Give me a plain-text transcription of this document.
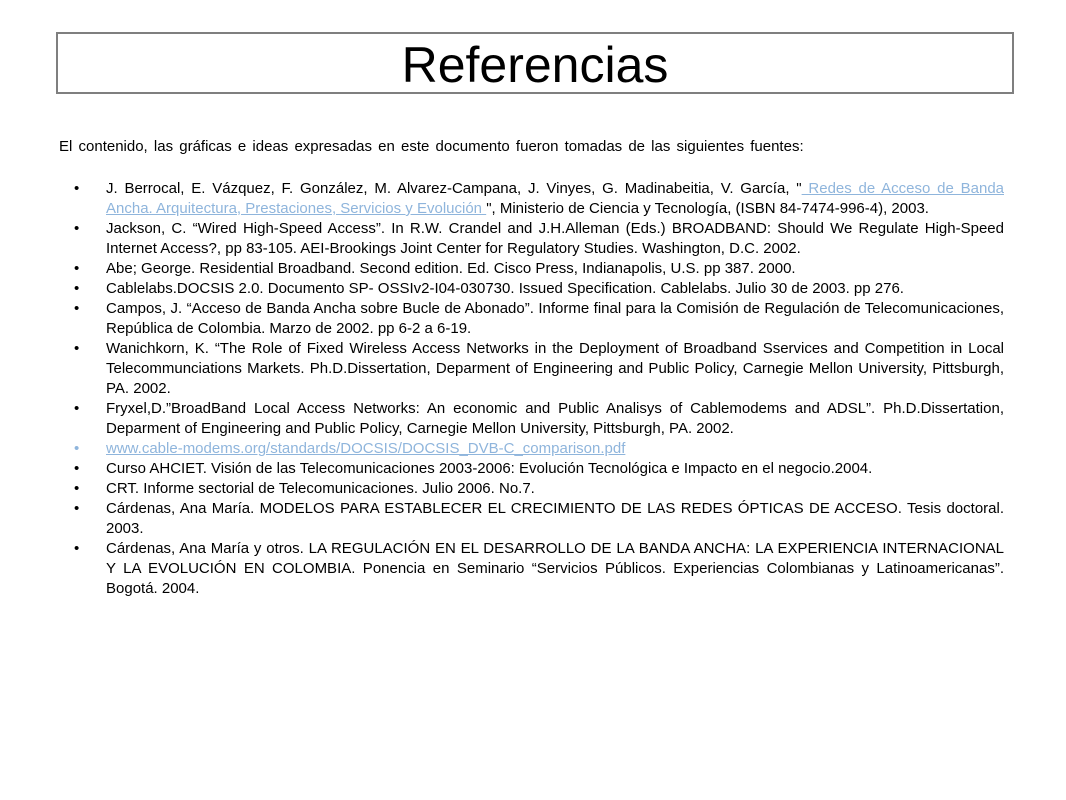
Referencias
El contenido, las gráficas e ideas expresadas en este documento fueron tomadas de las siguientes fuentes:
• J. Berrocal, E. Vázquez, F. González, M. Alvarez-Campana, J. Vinyes, G. Madinabeitia, V. García, " Redes de Acceso de Banda Ancha. Arquitectura, Prestaciones, Servicios y Evolución ", Ministerio de Ciencia y Tecnología, (ISBN 84-7474-996-4), 2003.
• Jackson, C. “Wired High-Speed Access”. In R.W. Crandel and J.H.Alleman (Eds.) BROADBAND: Should We Regulate High-Speed Internet Access?, pp 83-105. AEI-Brookings Joint Center for Regulatory Studies. Washington, D.C. 2002.
• Abe; George. Residential Broadband. Second edition. Ed. Cisco Press, Indianapolis, U.S. pp 387. 2000.
• Cablelabs.DOCSIS 2.0. Documento SP- OSSIv2-I04-030730. Issued Specification. Cablelabs. Julio 30 de 2003. pp 276.
• Campos, J. “Acceso de Banda Ancha sobre Bucle de Abonado”. Informe final para la Comisión de Regulación de Telecomunicaciones, República de Colombia. Marzo de 2002. pp 6-2 a 6-19.
• Wanichkorn, K. “The Role of Fixed Wireless Access Networks in the Deployment of Broadband Sservices and Competition in Local Telecommunciations Markets. Ph.D.Dissertation, Deparment of Engineering and Public Policy, Carnegie Mellon University, Pittsburgh, PA. 2002.
• Fryxel,D.”BroadBand Local Access Networks: An economic and Public Analisys of Cablemodems and ADSL”. Ph.D.Dissertation, Deparment of Engineering and Public Policy, Carnegie Mellon University, Pittsburgh, PA. 2002.
• www.cable-modems.org/standards/DOCSIS/DOCSIS_DVB-C_comparison.pdf
• Curso AHCIET. Visión de las Telecomunicaciones 2003-2006: Evolución Tecnológica e Impacto en el negocio.2004.
• CRT. Informe sectorial de Telecomunicaciones. Julio 2006. No.7.
• Cárdenas, Ana María. MODELOS PARA ESTABLECER EL CRECIMIENTO DE LAS REDES ÓPTICAS DE ACCESO. Tesis doctoral. 2003.
• Cárdenas, Ana María y otros. LA REGULACIÓN EN EL DESARROLLO DE LA BANDA ANCHA: LA EXPERIENCIA INTERNACIONAL Y LA EVOLUCIÓN EN COLOMBIA. Ponencia en Seminario “Servicios Públicos. Experiencias Colombianas y Latinoamericanas”. Bogotá. 2004.
